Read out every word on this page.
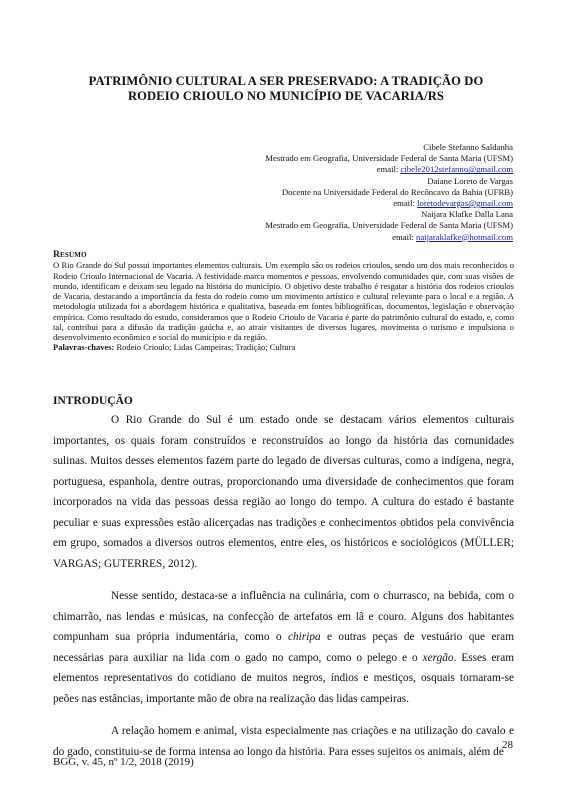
PATRIMÔNIO CULTURAL A SER PRESERVADO: A TRADIÇÃO DO
RODEIO CRIOULO NO MUNICÍPIO DE VACARIA/RS
Cibele Stefanno Saldanha
Mestrado em Geografia, Universidade Federal de Santa Maria (UFSM)
email: cibele2012stefanno@gmail.com
Daiane Loreto de Vargas
Docente na Universidade Federal do Recôncavo da Bahia (UFRB)
email: loretodevargas@gmail.com
Naijara Klafke Dalla Lana
Mestrado em Geografia, Universidade Federal de Santa Maria (UFSM)
email: naijaraklafke@hotmail.com
Resumo
O Rio Grande do Sul possui importantes elementos culturais. Um exemplo são os rodeios crioulos, sendo um dos mais reconhecidos o Rodeio Crioulo Internacional de Vacaria. A festividade marca momentos e pessoas, envolvendo comunidades que, com suas visões de mundo, identificam e deixam seu legado na história do município. O objetivo deste trabalho é resgatar a história dos rodeios crioulos de Vacaria, destacando a importância da festa do rodeio como um movimento artístico e cultural relevante para o local e a região. A metodologia utilizada foi a abordagem histórica e qualitativa, baseada em fontes bibliográficas, documentos, legislação e observação empírica. Como resultado do estudo, consideramos que o Rodeio Crioulo de Vacaria é parte do patrimônio cultural do estado, e, como tal, contribui para a difusão da tradição gaúcha e, ao atrair visitantes de diversos lugares, movimenta o turismo e impulsiona o desenvolvimento econômico e social do município e da região.
Palavras-chaves: Rodeio Crioulo; Lidas Campeiras; Tradição; Cultura
INTRODUÇÃO

O Rio Grande do Sul é um estado onde se destacam vários elementos culturais importantes, os quais foram construídos e reconstruídos ao longo da história das comunidades sulinas. Muitos desses elementos fazem parte do legado de diversas culturas, como a indígena, negra, portuguesa, espanhola, dentre outras, proporcionando uma diversidade de conhecimentos que foram incorporados na vida das pessoas dessa região ao longo do tempo. A cultura do estado é bastante peculiar e suas expressões estão alicerçadas nas tradições e conhecimentos obtidos pela convivência em grupo, somados a diversos outros elementos, entre eles, os históricos e sociológicos (MÜLLER; VARGAS; GUTERRES, 2012).

Nesse sentido, destaca-se a influência na culinária, com o churrasco, na bebida, com o chimarrão, nas lendas e músicas, na confecção de artefatos em lã e couro. Alguns dos habitantes compunham sua própria indumentária, como o chiripa e outras peças de vestuário que eram necessárias para auxiliar na lida com o gado no campo, como o pelego e o xergão. Esses eram elementos representativos do cotidiano de muitos negros, índios e mestiços, osquais tornaram-se peões nas estâncias, importante mão de obra na realização das lidas campeiras.

A relação homem e animal, vista especialmente nas criações e na utilização do cavalo e do gado, constituiu-se de forma intensa ao longo da história. Para esses sujeitos os animais, além de

28
BGG, v. 45, nº 1/2, 2018 (2019)
